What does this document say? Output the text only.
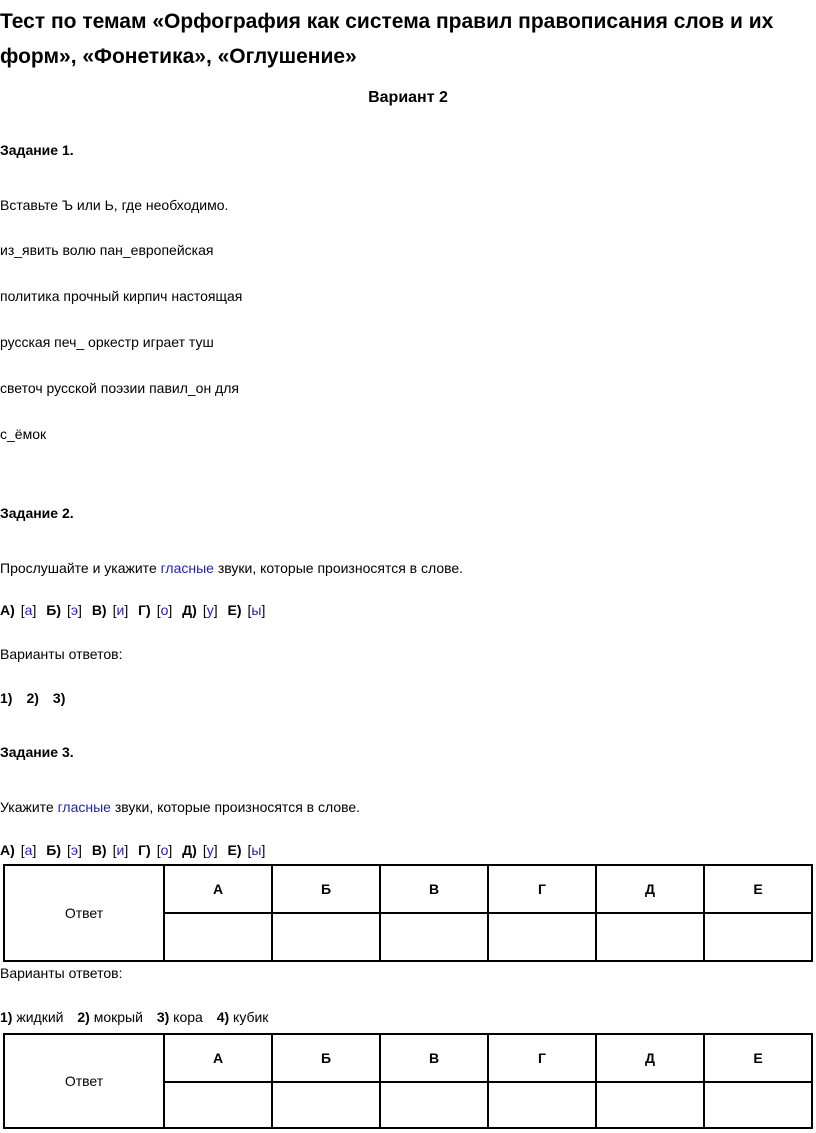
Тест по темам «Орфография как система правил правописания слов и их форм», «Фонетика», «Оглушение»
Вариант 2
Задание 1.
Вставьте Ъ или Ь, где необходимо.
из_явить волю пан_европейская
политика прочный кирпич настоящая
русская печ_ оркестр играет туш
светоч русской поэзии павил_он для
с_ёмок
Задание 2.
Прослушайте и укажите гласные звуки, которые произносятся в слове.
А) [а] Б) [э] В) [и] Г) [о] Д) [у] Е) [ы]
Варианты ответов:
1) 2) 3)
Задание 3.
Укажите гласные звуки, которые произносятся в слове.
А) [а] Б) [э] В) [и] Г) [о] Д) [у] Е) [ы]
Ответ	А	Б	В	Г	Д	Е

Варианты ответов:
1) жидкий 2) мокрый 3) кора 4) кубик
Ответ	А	Б	В	Г	Д	Е
